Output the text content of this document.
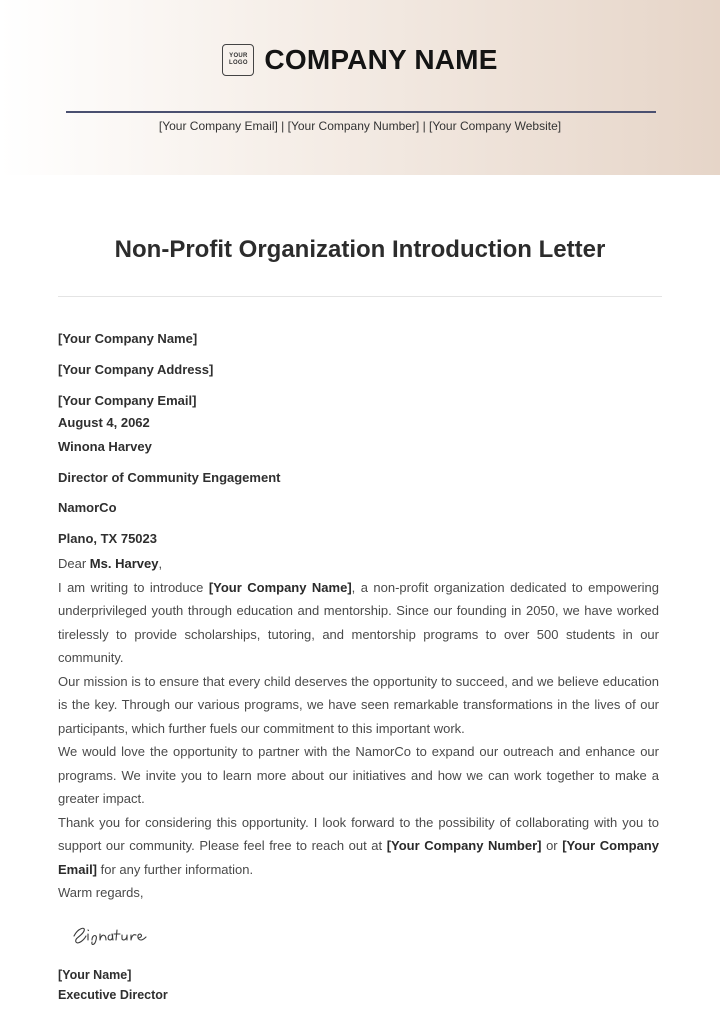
YOUR
LOGO COMPANY NAME
[Your Company Email] | [Your Company Number] | [Your Company Website]
Non-Profit Organization Introduction Letter
[Your Company Name]
[Your Company Address]
[Your Company Email]
August 4, 2062
Winona Harvey
Director of Community Engagement
NamorCo
Plano, TX 75023

Dear Ms. Harvey,

I am writing to introduce [Your Company Name], a non-profit organization dedicated to empowering underprivileged youth through education and mentorship. Since our founding in 2050, we have worked tirelessly to provide scholarships, tutoring, and mentorship programs to over 500 students in our community.

Our mission is to ensure that every child deserves the opportunity to succeed, and we believe education is the key. Through our various programs, we have seen remarkable transformations in the lives of our participants, which further fuels our commitment to this important work.

We would love the opportunity to partner with the NamorCo to expand our outreach and enhance our programs. We invite you to learn more about our initiatives and how we can work together to make a greater impact.

Thank you for considering this opportunity. I look forward to the possibility of collaborating with you to support our community. Please feel free to reach out at [Your Company Number] or [Your Company Email] for any further information.

Warm regards,

[Your Name]
Executive Director
